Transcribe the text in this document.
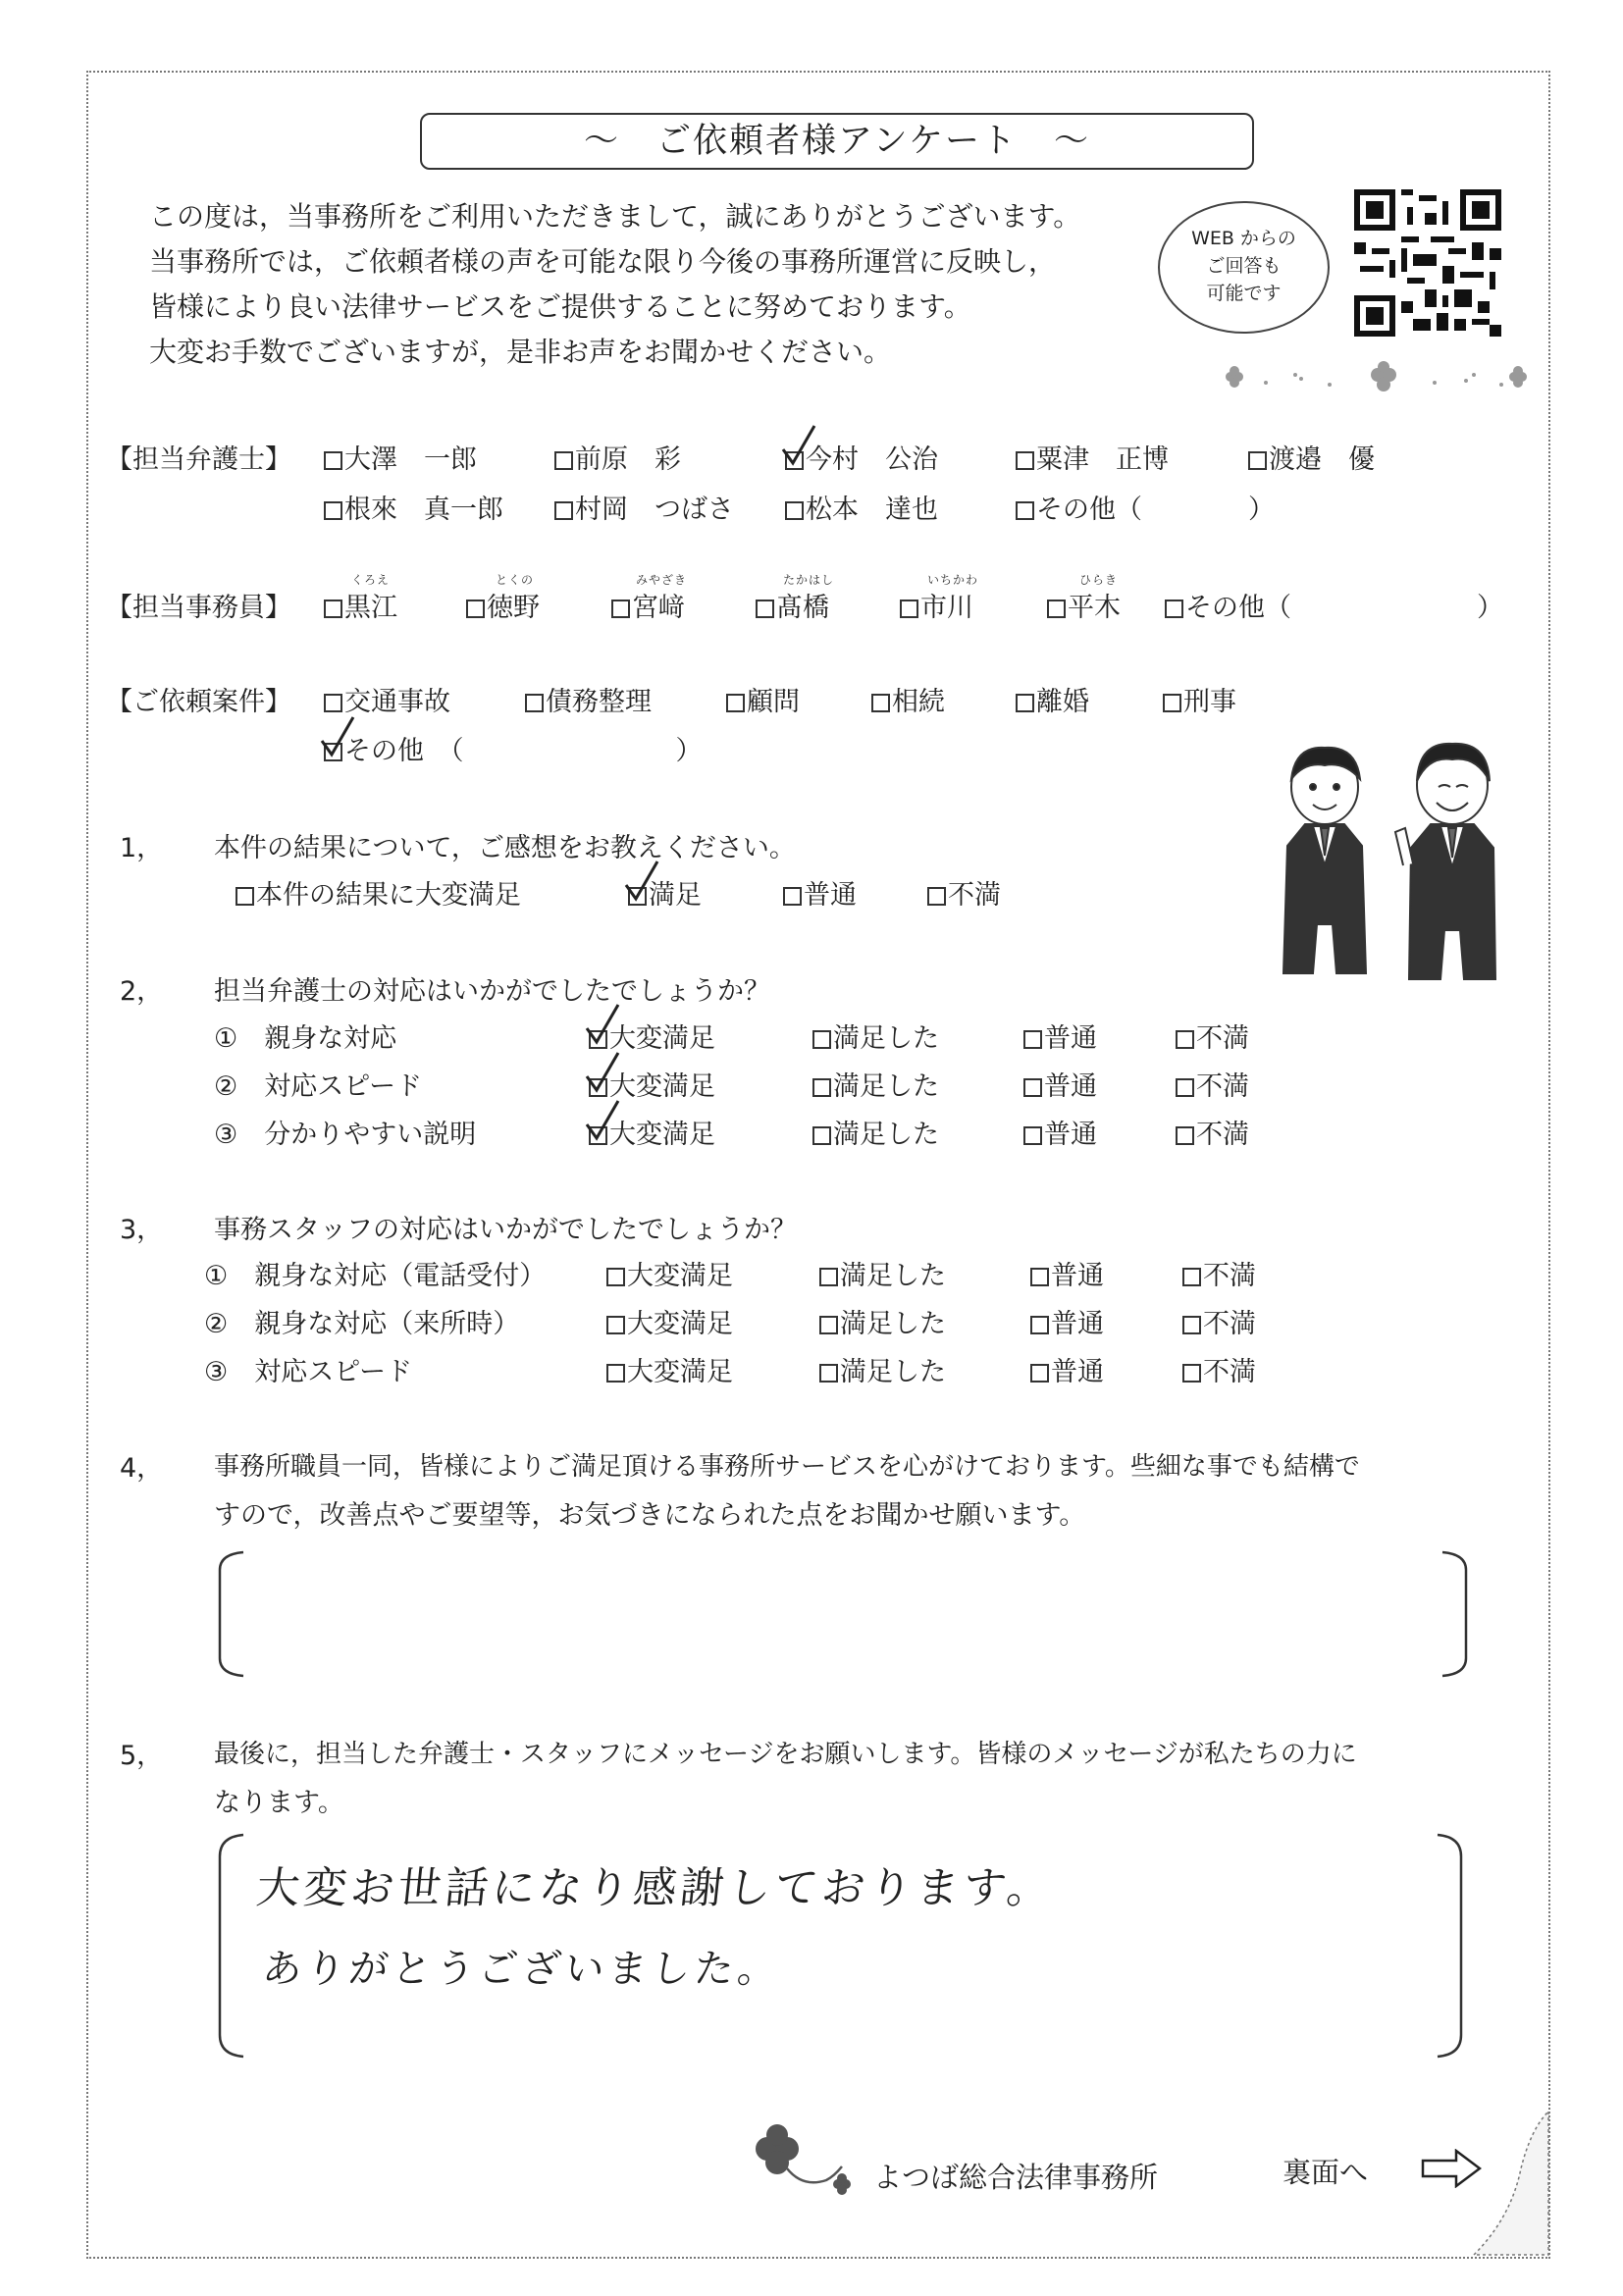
～　ご依頼者様アンケート　～
この度は，当事務所をご利用いただきまして，誠にありがとうございます。
当事務所では，ご依頼者様の声を可能な限り今後の事務所運営に反映し，
皆様により良い法律サービスをご提供することに努めております。
大変お手数でございますが，是非お声をお聞かせください。
WEB からの
ご回答も
可能です
【担当弁護士】	大澤　一郎	前原　彩	今村　公治	粟津　正博	渡邉　優
根來　真一郎	村岡　つばさ	松本　達也	その他（　　　　）
【担当事務員】
くろえ	とくの	みやざき	たかはし	いちかわ	ひらき
黒江	徳野	宮﨑	髙橋	市川	平木	その他（　　　　　　　）
【ご依頼案件】	交通事故	債務整理	顧問	相続	離婚	刑事
その他　（　　　　　　　　）
1， 本件の結果について，ご感想をお教えください。
本件の結果に大変満足	満足	普通	不満
2， 担当弁護士の対応はいかがでしたでしょうか？
①　親身な対応	大変満足	満足した	普通	不満
②　対応スピード	大変満足	満足した	普通	不満
③　分かりやすい説明	大変満足	満足した	普通	不満
3， 事務スタッフの対応はいかがでしたでしょうか？
①　親身な対応（電話受付）	大変満足	満足した	普通	不満
②　親身な対応（来所時）	大変満足	満足した	普通	不満
③　対応スピード	大変満足	満足した	普通	不満
4， 事務所職員一同，皆様によりご満足頂ける事務所サービスを心がけております。些細な事でも結構で
すので，改善点やご要望等，お気づきになられた点をお聞かせ願います。
5， 最後に，担当した弁護士・スタッフにメッセージをお願いします。皆様のメッセージが私たちの力に
なります。
大変お世話になり感謝しております。
ありがとうございました。
よつば総合法律事務所	裏面へ
